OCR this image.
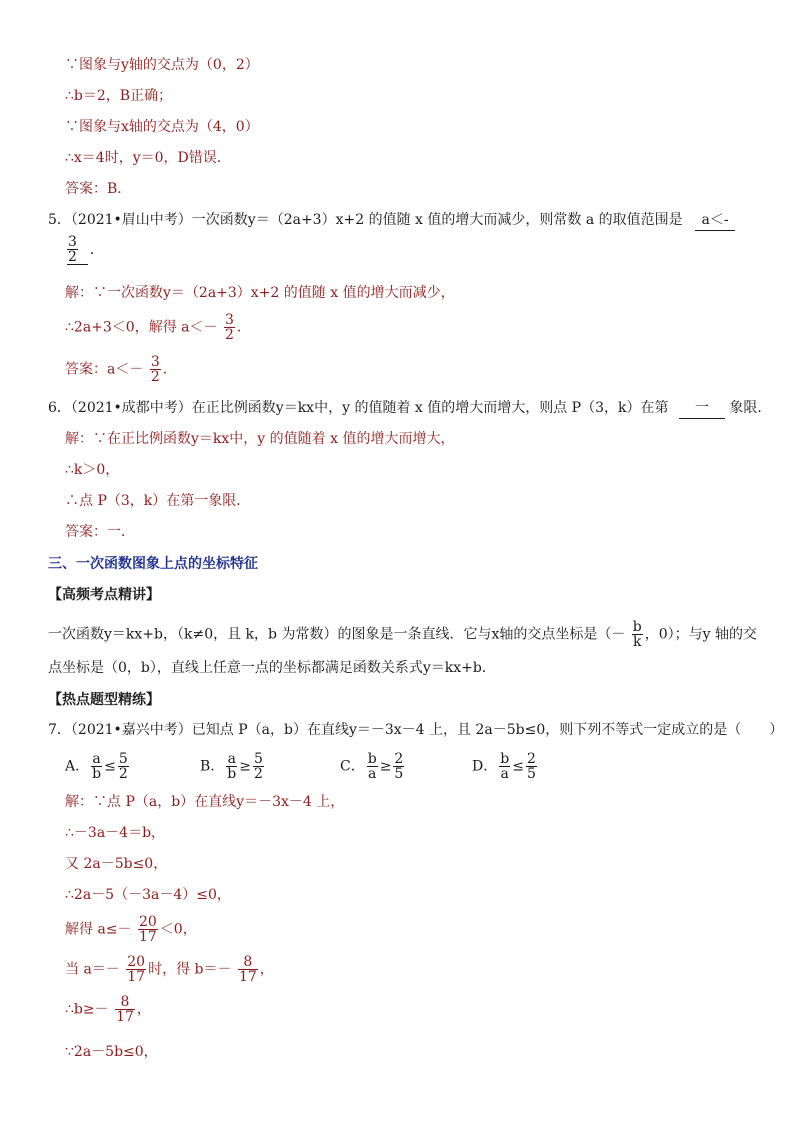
∵图象与y轴的交点为（0，2）
∴b＝2，B正确；
∵图象与x轴的交点为（4，0）
∴x＝4时，y＝0，D错误．
答案：B．
5．（2021•眉山中考）一次函数y＝（2a+3）x+2 的值随 x 值的增大而减少，则常数 a 的取值范围是 a＜-
$\frac{3}{2}$ ．
解：∵一次函数y＝（2a+3）x+2 的值随 x 值的增大而减少，
∴2a+3＜0，解得 $a<- \frac{3}{2}$ ．
答案：$a<- \frac{3}{2}$ ．
6．（2021•成都中考）在正比例函数y＝kx中，y 的值随着 x 值的增大而增大，则点 P（3，k）在第 一 象限．
解：∵在正比例函数y＝kx中，y 的值随着 x 值的增大而增大，
∴k＞0，
∴点 P（3，k）在第一象限．
答案：一．
三、一次函数图象上点的坐标特征
【高频考点精讲】
一次函数y＝kx+b，（k≠0，且 k，b 为常数）的图象是一条直线．它与x轴的交点坐标是（－ $\frac{b}{k}$ ，0）；与y 轴的交
点坐标是（0，b），直线上任意一点的坐标都满足函数关系式y＝kx+b．
【热点题型精练】
7．（2021•嘉兴中考）已知点 P（a，b）在直线y＝－3x－4 上，且 2a－5b≤0，则下列不等式一定成立的是（　　）
A． $\frac{a}{b} \le \frac{5}{2}$	B． $\frac{a}{b} \ge \frac{5}{2}$	C． $\frac{b}{a} \ge \frac{2}{5}$	D． $\frac{b}{a} \le \frac{2}{5}$
解：∵点 P（a，b）在直线y＝－3x－4 上，
∴－3a－4＝b，
又 2a－5b≤0，
∴2a－5（－3a－4）≤0，
解得 $a\le- \frac{20}{17} <0$，
当 $a=- \frac{20}{17}$ 时，得 $b=- \frac{8}{17}$ ，
∴b≥－ $\frac{8}{17}$ ，
∵2a－5b≤0，
